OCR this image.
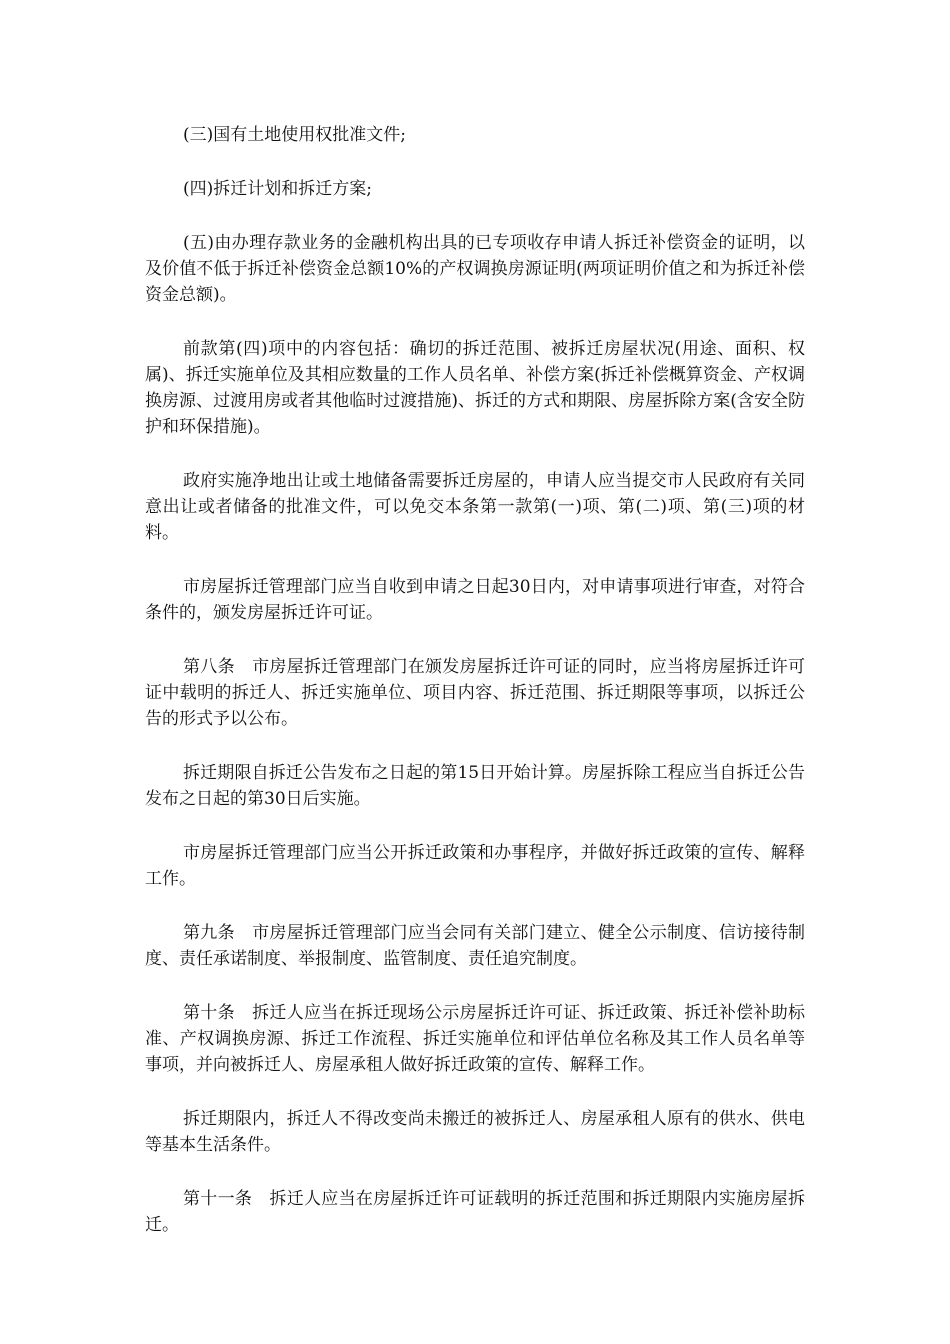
(三)国有土地使用权批准文件;

(四)拆迁计划和拆迁方案;

(五)由办理存款业务的金融机构出具的已专项收存申请人拆迁补偿资金的证明，以及价值不低于拆迁补偿资金总额10%的产权调换房源证明(两项证明价值之和为拆迁补偿资金总额)。

前款第(四)项中的内容包括：确切的拆迁范围、被拆迁房屋状况(用途、面积、权属)、拆迁实施单位及其相应数量的工作人员名单、补偿方案(拆迁补偿概算资金、产权调换房源、过渡用房或者其他临时过渡措施)、拆迁的方式和期限、房屋拆除方案(含安全防护和环保措施)。

政府实施净地出让或土地储备需要拆迁房屋的，申请人应当提交市人民政府有关同意出让或者储备的批准文件，可以免交本条第一款第(一)项、第(二)项、第(三)项的材料。

市房屋拆迁管理部门应当自收到申请之日起30日内，对申请事项进行审查，对符合条件的，颁发房屋拆迁许可证。

第八条　市房屋拆迁管理部门在颁发房屋拆迁许可证的同时，应当将房屋拆迁许可证中载明的拆迁人、拆迁实施单位、项目内容、拆迁范围、拆迁期限等事项，以拆迁公告的形式予以公布。

拆迁期限自拆迁公告发布之日起的第15日开始计算。房屋拆除工程应当自拆迁公告发布之日起的第30日后实施。

市房屋拆迁管理部门应当公开拆迁政策和办事程序，并做好拆迁政策的宣传、解释工作。

第九条　市房屋拆迁管理部门应当会同有关部门建立、健全公示制度、信访接待制度、责任承诺制度、举报制度、监管制度、责任追究制度。

第十条　拆迁人应当在拆迁现场公示房屋拆迁许可证、拆迁政策、拆迁补偿补助标准、产权调换房源、拆迁工作流程、拆迁实施单位和评估单位名称及其工作人员名单等事项，并向被拆迁人、房屋承租人做好拆迁政策的宣传、解释工作。

拆迁期限内，拆迁人不得改变尚未搬迁的被拆迁人、房屋承租人原有的供水、供电等基本生活条件。

第十一条　拆迁人应当在房屋拆迁许可证载明的拆迁范围和拆迁期限内实施房屋拆迁。
